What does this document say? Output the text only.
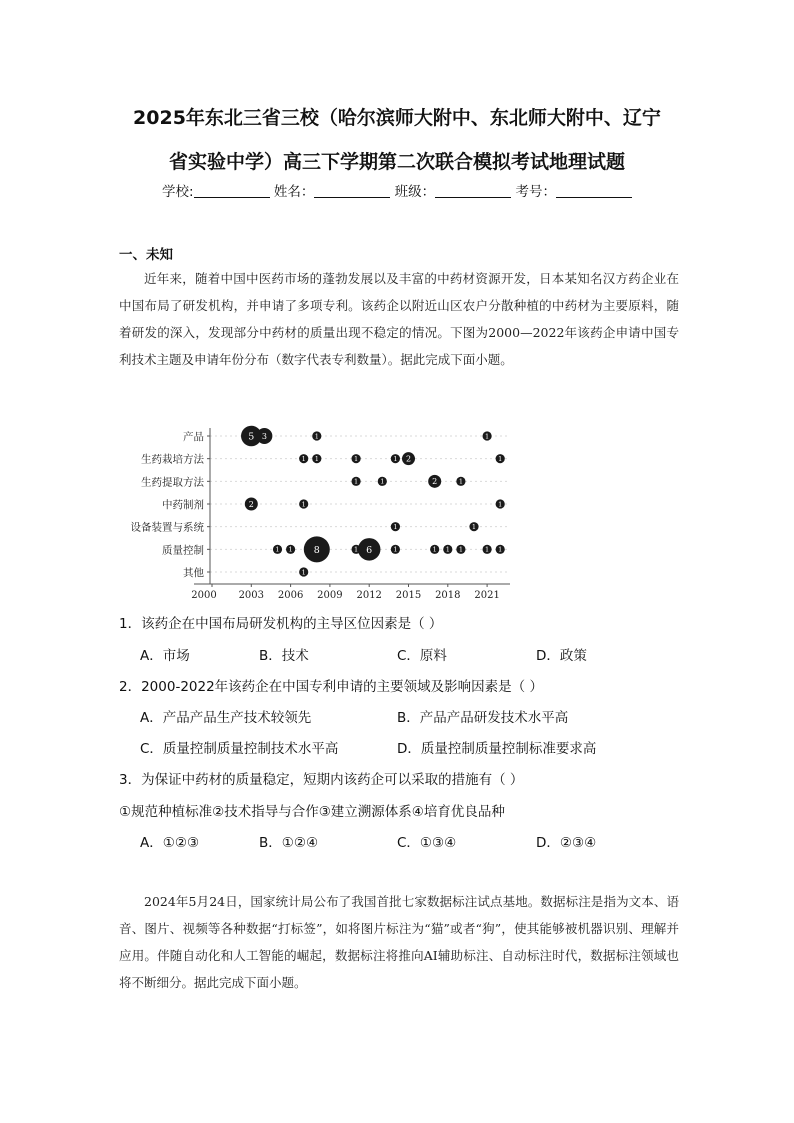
2025年东北三省三校（哈尔滨师大附中、东北师大附中、辽宁
省实验中学）高三下学期第二次联合模拟考试地理试题
学校:	姓名：	班级：	考号：
一、未知
近年来，随着中国中医药市场的蓬勃发展以及丰富的中药材资源开发，日本某知名汉方药企业在中国布局了研发机构，并申请了多项专利。该药企以附近山区农户分散种植的中药材为主要原料，随着研发的深入，发现部分中药材的质量出现不稳定的情况。下图为2000—2022年该药企申请中国专利技术主题及申请年份分布（数字代表专利数量）。据此完成下面小题。
产品
生药栽培方法
生药提取方法
中药制剂
设备装置与系统
质量控制
其他
2000 2003 2006 2009 2012 2015 2018 2021
5 3	1	1
1 1	1	1 2	1
1	1	2	1
2	1	1
1	1
1 1 8	1 6	1	1 1 1	1 1
1
1．该药企在中国布局研发机构的主导区位因素是（ ）
A．市场	B．技术	C．原料	D．政策
2．2000-2022年该药企在中国专利申请的主要领域及影响因素是（ ）
A．产品产品生产技术较领先	B．产品产品研发技术水平高
C．质量控制质量控制技术水平高	D．质量控制质量控制标准要求高
3．为保证中药材的质量稳定，短期内该药企可以采取的措施有（ ）
①规范种植标准②技术指导与合作③建立溯源体系④培育优良品种
A．①②③	B．①②④	C．①③④	D．②③④
2024年5月24日，国家统计局公布了我国首批七家数据标注试点基地。数据标注是指为文本、语音、图片、视频等各种数据“打标签”，如将图片标注为“猫”或者“狗”，使其能够被机器识别、理解并应用。伴随自动化和人工智能的崛起，数据标注将推向AI辅助标注、自动标注时代，数据标注领域也将不断细分。据此完成下面小题。
